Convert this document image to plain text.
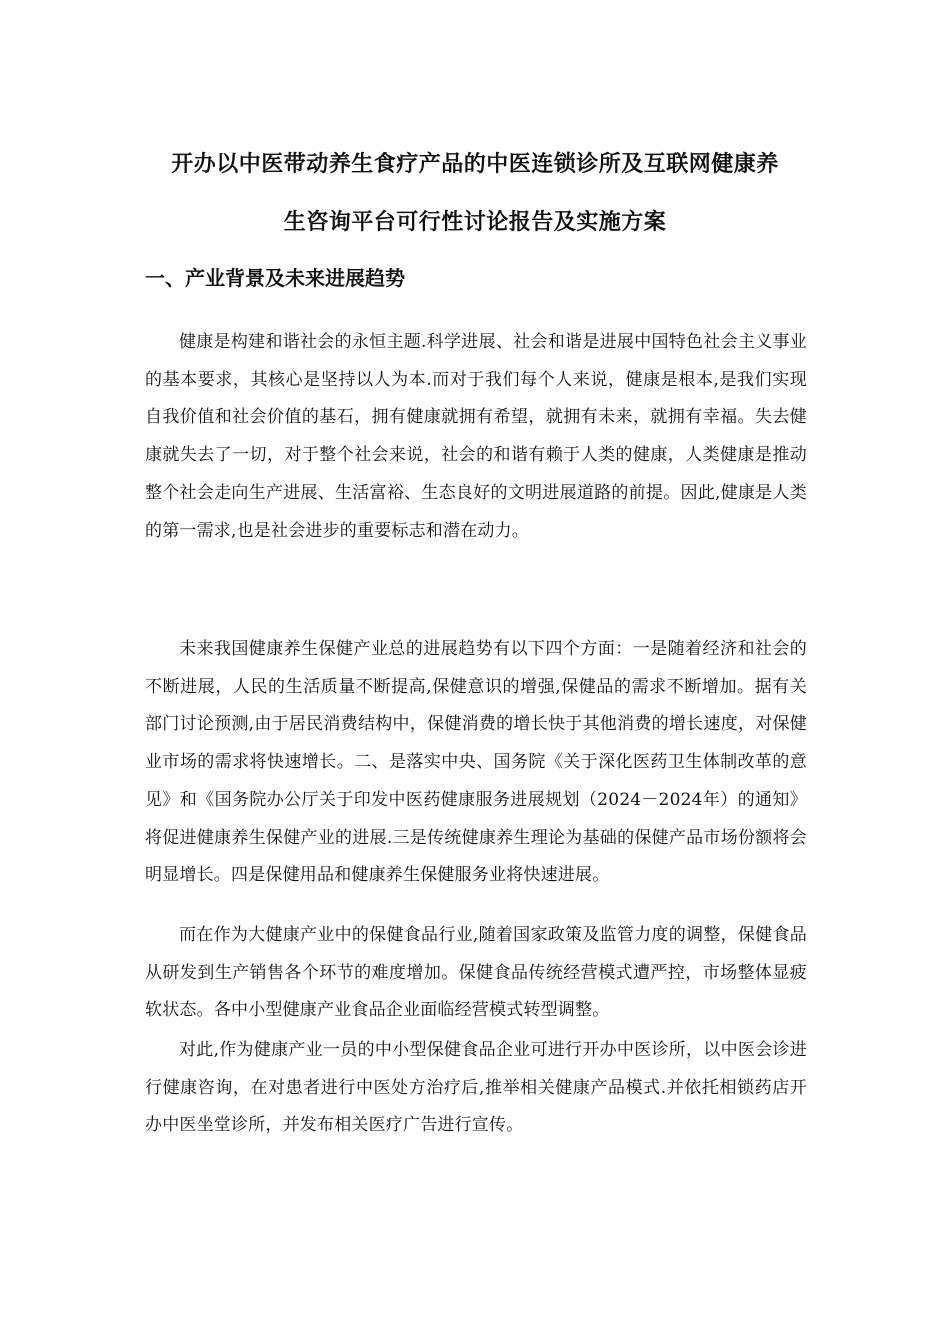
开办以中医带动养生食疗产品的中医连锁诊所及互联网健康养
生咨询平台可行性讨论报告及实施方案
一、产业背景及未来进展趋势

健康是构建和谐社会的永恒主题.科学进展、社会和谐是进展中国特色社会主义事业的基本要求，其核心是坚持以人为本.而对于我们每个人来说，健康是根本,是我们实现自我价值和社会价值的基石，拥有健康就拥有希望，就拥有未来，就拥有幸福。失去健康就失去了一切，对于整个社会来说，社会的和谐有赖于人类的健康，人类健康是推动整个社会走向生产进展、生活富裕、生态良好的文明进展道路的前提。因此,健康是人类的第一需求,也是社会进步的重要标志和潜在动力。

未来我国健康养生保健产业总的进展趋势有以下四个方面：一是随着经济和社会的不断进展，人民的生活质量不断提高,保健意识的增强,保健品的需求不断增加。据有关部门讨论预测,由于居民消费结构中，保健消费的增长快于其他消费的增长速度，对保健业市场的需求将快速增长。二、是落实中央、国务院《关于深化医药卫生体制改革的意见》和《国务院办公厅关于印发中医药健康服务进展规划（2024－2024年）的通知》将促进健康养生保健产业的进展.三是传统健康养生理论为基础的保健产品市场份额将会明显增长。四是保健用品和健康养生保健服务业将快速进展。

而在作为大健康产业中的保健食品行业,随着国家政策及监管力度的调整，保健食品从研发到生产销售各个环节的难度增加。保健食品传统经营模式遭严控，市场整体显疲软状态。各中小型健康产业食品企业面临经营模式转型调整。

对此,作为健康产业一员的中小型保健食品企业可进行开办中医诊所，以中医会诊进行健康咨询，在对患者进行中医处方治疗后,推举相关健康产品模式.并依托相锁药店开办中医坐堂诊所，并发布相关医疗广告进行宣传。
